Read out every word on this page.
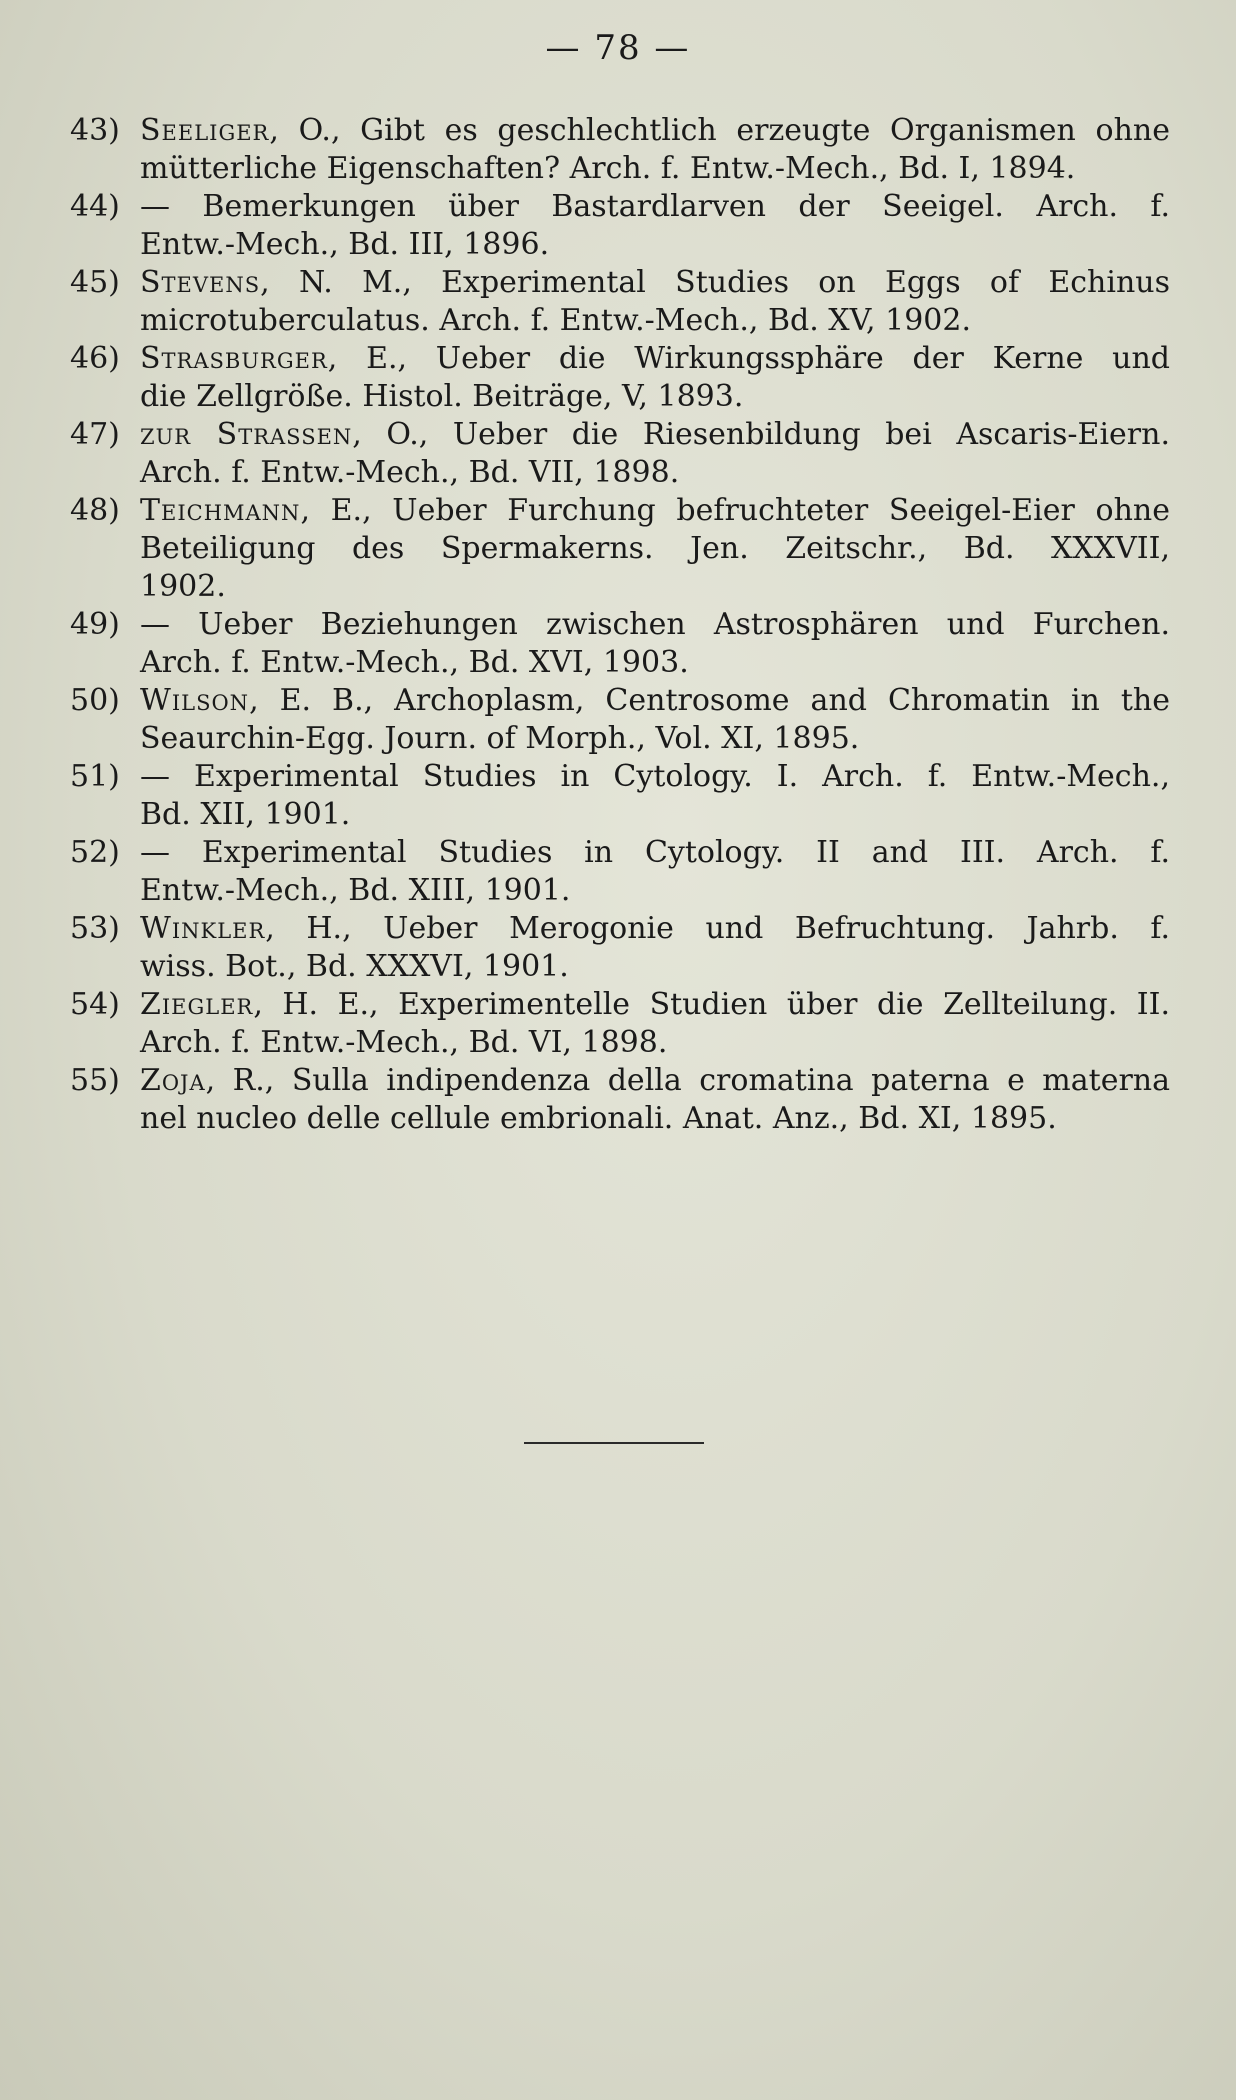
— 78 —
43) Seeliger, O., Gibt es geschlechtlich erzeugte Organismen ohne
mütterliche Eigenschaften? Arch. f. Entw.-Mech., Bd. I, 1894.
44) — Bemerkungen über Bastardlarven der Seeigel. Arch. f.
Entw.-Mech., Bd. III, 1896.
45) Stevens, N. M., Experimental Studies on Eggs of Echinus
microtuberculatus. Arch. f. Entw.-Mech., Bd. XV, 1902.
46) Strasburger, E., Ueber die Wirkungssphäre der Kerne und
die Zellgröße. Histol. Beiträge, V, 1893.
47) zur Strassen, O., Ueber die Riesenbildung bei Ascaris-Eiern.
Arch. f. Entw.-Mech., Bd. VII, 1898.
48) Teichmann, E., Ueber Furchung befruchteter Seeigel-Eier ohne
Beteiligung des Spermakerns. Jen. Zeitschr., Bd. XXXVII,
1902.
49) — Ueber Beziehungen zwischen Astrosphären und Furchen.
Arch. f. Entw.-Mech., Bd. XVI, 1903.
50) Wilson, E. B., Archoplasm, Centrosome and Chromatin in the
Seaurchin-Egg. Journ. of Morph., Vol. XI, 1895.
51) — Experimental Studies in Cytology. I. Arch. f. Entw.-Mech.,
Bd. XII, 1901.
52) — Experimental Studies in Cytology. II and III. Arch. f.
Entw.-Mech., Bd. XIII, 1901.
53) Winkler, H., Ueber Merogonie und Befruchtung. Jahrb. f.
wiss. Bot., Bd. XXXVI, 1901.
54) Ziegler, H. E., Experimentelle Studien über die Zellteilung. II.
Arch. f. Entw.-Mech., Bd. VI, 1898.
55) Zoja, R., Sulla indipendenza della cromatina paterna e materna
nel nucleo delle cellule embrionali. Anat. Anz., Bd. XI, 1895.
